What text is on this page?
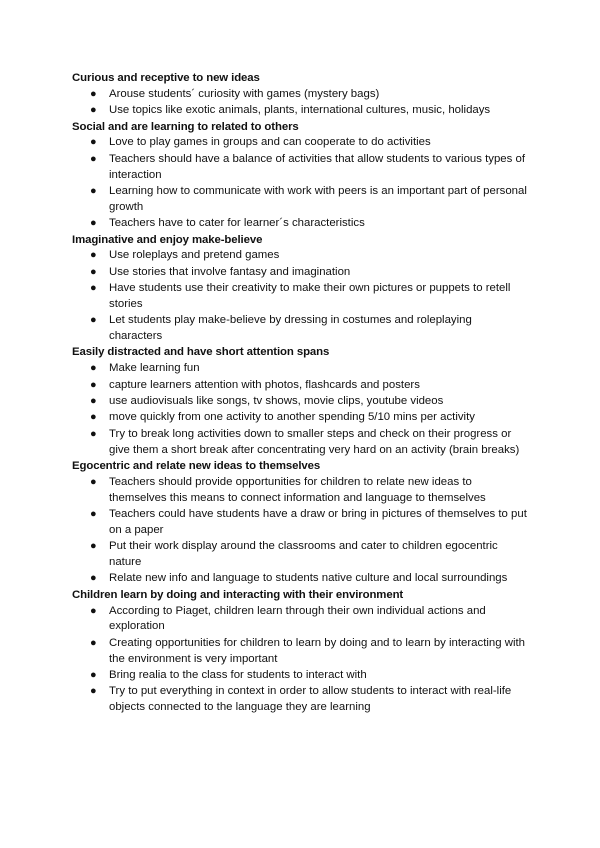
Curious and receptive to new ideas
● Arouse students´ curiosity with games (mystery bags)
● Use topics like exotic animals, plants, international cultures, music, holidays
Social and are learning to related to others
● Love to play games in groups and can cooperate to do activities
● Teachers should have a balance of activities that allow students to various types of interaction
● Learning how to communicate with work with peers is an important part of personal growth
● Teachers have to cater for learner´s characteristics
Imaginative and enjoy make-believe
● Use roleplays and pretend games
● Use stories that involve fantasy and imagination
● Have students use their creativity to make their own pictures or puppets to retell stories
● Let students play make-believe by dressing in costumes and roleplaying characters
Easily distracted and have short attention spans
● Make learning fun
● capture learners attention with photos, flashcards and posters
● use audiovisuals like songs, tv shows, movie clips, youtube videos
● move quickly from one activity to another spending 5/10 mins per activity
● Try to break long activities down to smaller steps and check on their progress or give them a short break after concentrating very hard on an activity (brain breaks)
Egocentric and relate new ideas to themselves
● Teachers should provide opportunities for children to relate new ideas to themselves this means to connect information and language to themselves
● Teachers could have students have a draw or bring in pictures of themselves to put on a paper
● Put their work display around the classrooms and cater to children egocentric nature
● Relate new info and language to students native culture and local surroundings
Children learn by doing and interacting with their environment
● According to Piaget, children learn through their own individual actions and exploration
● Creating opportunities for children to learn by doing and to learn by interacting with the environment is very important
● Bring realia to the class for students to interact with
● Try to put everything in context in order to allow students to interact with real-life objects connected to the language they are learning
